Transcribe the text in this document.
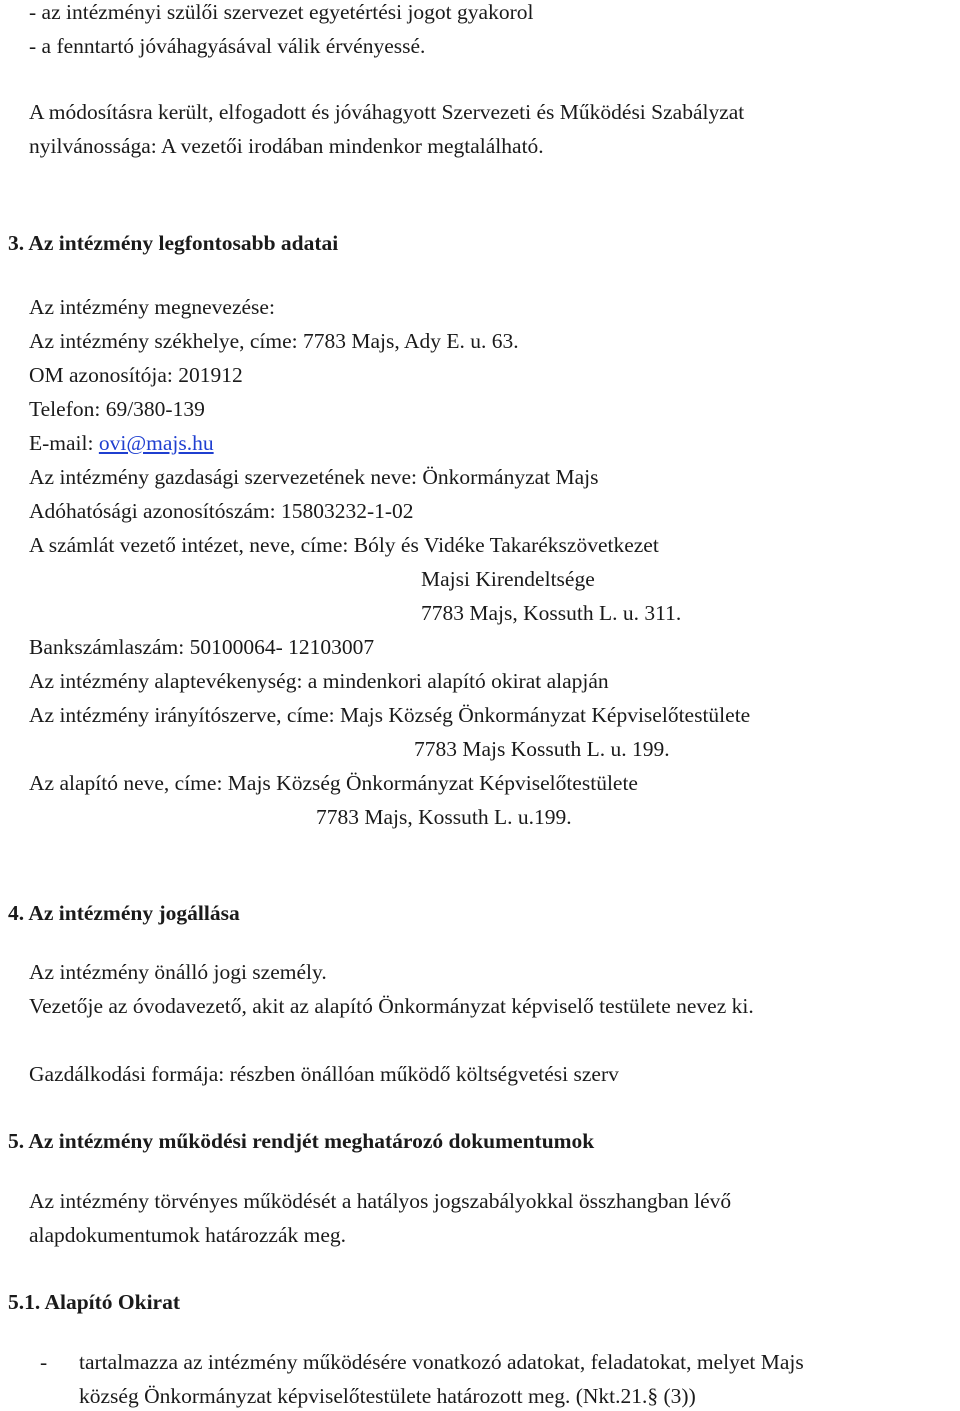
- az intézményi szülői szervezet egyetértési jogot gyakorol
- a fenntartó jóváhagyásával válik érvényessé.
A módosításra került, elfogadott és jóváhagyott Szervezeti és Működési Szabályzat
nyilvánossága: A vezetői irodában mindenkor megtalálható.
3. Az intézmény legfontosabb adatai
Az intézmény megnevezése:
Az intézmény székhelye, címe: 7783 Majs, Ady E. u. 63.
OM azonosítója: 201912
Telefon: 69/380-139
E-mail: ovi@majs.hu
Az intézmény gazdasági szervezetének neve: Önkormányzat Majs
Adóhatósági azonosítószám: 15803232-1-02
A számlát vezető intézet, neve, címe: Bóly és Vidéke Takarékszövetkezet
Majsi Kirendeltsége
7783 Majs, Kossuth L. u. 311.
Bankszámlaszám: 50100064- 12103007
Az intézmény alaptevékenység: a mindenkori alapító okirat alapján
Az intézmény irányítószerve, címe: Majs Község Önkormányzat Képviselőtestülete
7783 Majs Kossuth L. u. 199.
Az alapító neve, címe: Majs Község Önkormányzat Képviselőtestülete
7783 Majs, Kossuth L. u.199.
4. Az intézmény jogállása
Az intézmény önálló jogi személy.
Vezetője az óvodavezető, akit az alapító Önkormányzat képviselő testülete nevez ki.
Gazdálkodási formája: részben önállóan működő költségvetési szerv
5. Az intézmény működési rendjét meghatározó dokumentumok
Az intézmény törvényes működését a hatályos jogszabályokkal összhangban lévő
alapdokumentumok határozzák meg.
5.1. Alapító Okirat
- tartalmazza az intézmény működésére vonatkozó adatokat, feladatokat, melyet Majs
község Önkormányzat képviselőtestülete határozott meg. (Nkt.21.§ (3))
